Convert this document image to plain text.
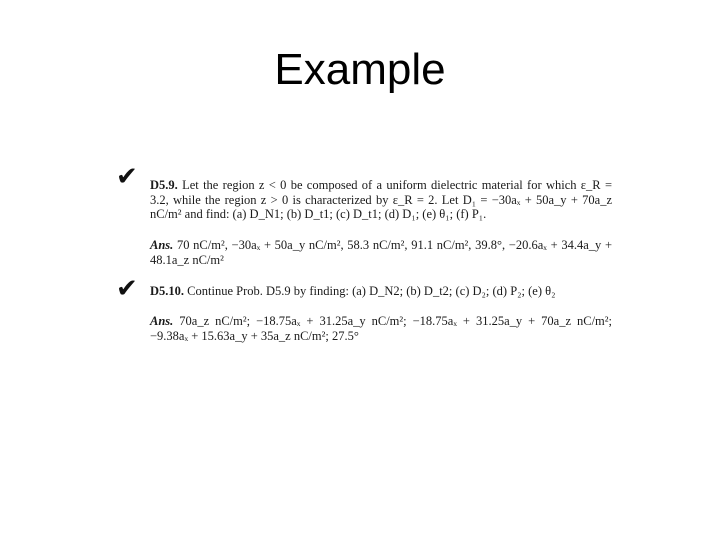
Example
✔ D5.9. Let the region z < 0 be composed of a uniform dielectric material for which ε_R = 3.2, while the region z > 0 is characterized by ε_R = 2. Let D₁ = −30aₓ + 50a_y + 70a_z nC/m² and find: (a) D_N1; (b) D_t1; (c) D_t1; (d) D₁; (e) θ₁; (f) P₁.
Ans. 70 nC/m², −30aₓ + 50a_y nC/m², 58.3 nC/m², 91.1 nC/m², 39.8°, −20.6aₓ + 34.4a_y + 48.1a_z nC/m²
✔ D5.10. Continue Prob. D5.9 by finding: (a) D_N2; (b) D_t2; (c) D₂; (d) P₂; (e) θ₂
Ans. 70a_z nC/m²; −18.75aₓ + 31.25a_y nC/m²; −18.75aₓ + 31.25a_y + 70a_z nC/m²; −9.38aₓ + 15.63a_y + 35a_z nC/m²; 27.5°
